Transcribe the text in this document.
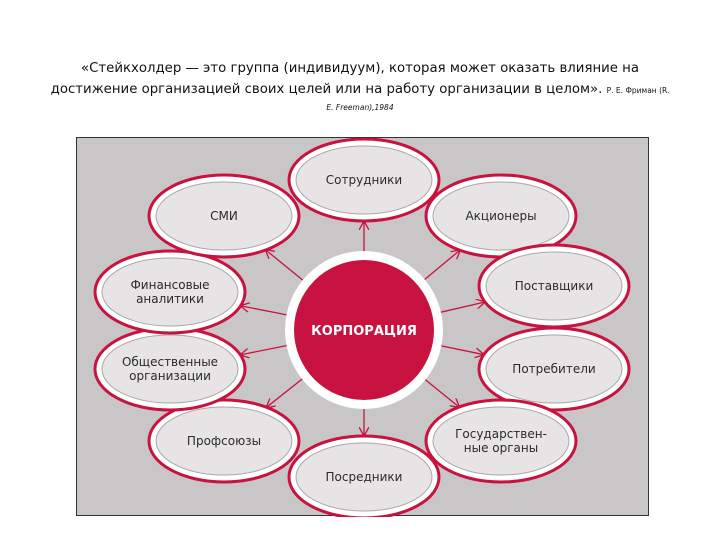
«Стейкхолдер — это группа (индивидуум), которая может оказать влияние на достижение организацией своих целей или на работу организации в целом». Р. Е. Фриман (R.
E. Freeman),1984
КОРПОРАЦИЯ
Сотрудники
Акционеры
Поставщики
Потребители
Государствен-
ные органы
Посредники
Профсоюзы
Общественные
организации
Финансовые
аналитики
СМИ
